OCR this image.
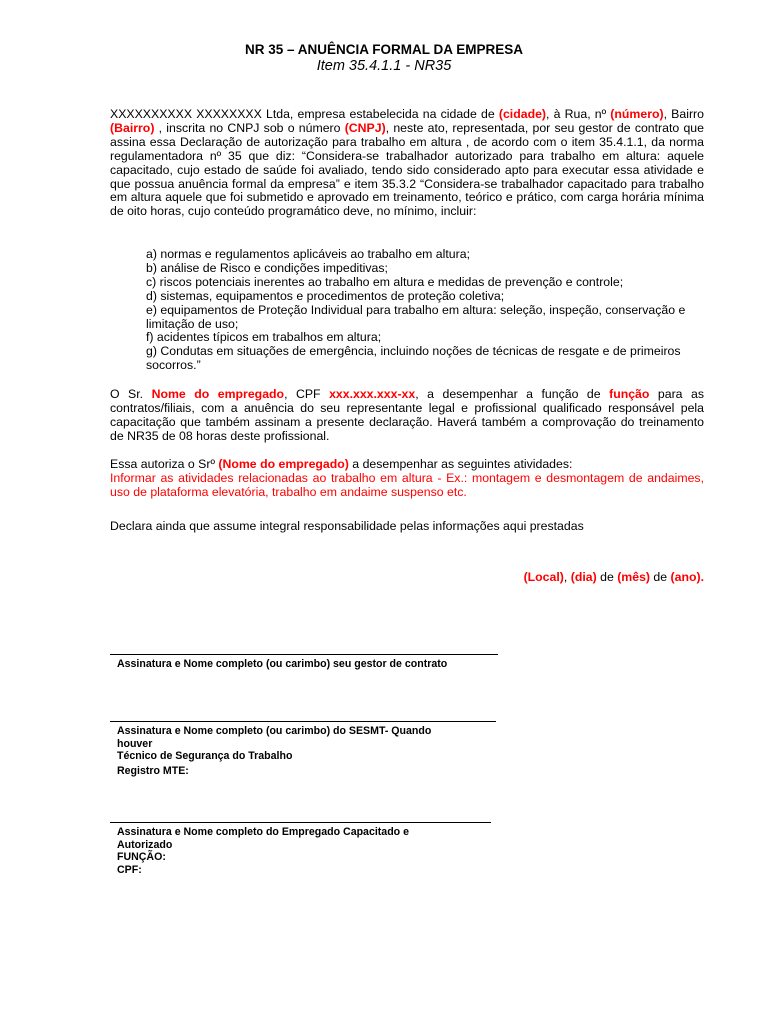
NR 35 – ANUÊNCIA FORMAL DA EMPRESA
Item 35.4.1.1 - NR35
XXXXXXXXXX XXXXXXXX Ltda, empresa estabelecida na cidade de (cidade), à Rua, nº (número), Bairro (Bairro) , inscrita no CNPJ sob o número (CNPJ), neste ato, representada, por seu gestor de contrato que assina essa Declaração de autorização para trabalho em altura , de acordo com o item 35.4.1.1, da norma regulamentadora nº 35 que diz: “Considera-se trabalhador autorizado para trabalho em altura: aquele capacitado, cujo estado de saúde foi avaliado, tendo sido considerado apto para executar essa atividade e que possua anuência formal da empresa” e item 35.3.2 “Considera-se trabalhador capacitado para trabalho em altura aquele que foi submetido e aprovado em treinamento, teórico e prático, com carga horária mínima de oito horas, cujo conteúdo programático deve, no mínimo, incluir:
a) normas e regulamentos aplicáveis ao trabalho em altura;
b) análise de Risco e condições impeditivas;
c) riscos potenciais inerentes ao trabalho em altura e medidas de prevenção e controle;
d) sistemas, equipamentos e procedimentos de proteção coletiva;
e) equipamentos de Proteção Individual para trabalho em altura: seleção, inspeção, conservação e limitação de uso;
f) acidentes típicos em trabalhos em altura;
g) Condutas em situações de emergência, incluindo noções de técnicas de resgate e de primeiros socorros.”
O Sr. Nome do empregado, CPF xxx.xxx.xxx-xx, a desempenhar a função de função para as contratos/filiais, com a anuência do seu representante legal e profissional qualificado responsável pela capacitação que também assinam a presente declaração. Haverá também a comprovação do treinamento de NR35 de 08 horas deste profissional.
Essa autoriza o Srº (Nome do empregado) a desempenhar as seguintes atividades:
Informar as atividades relacionadas ao trabalho em altura - Ex.: montagem e desmontagem de andaimes, uso de plataforma elevatória, trabalho em andaime suspenso etc.
Declara ainda que assume integral responsabilidade pelas informações aqui prestadas
(Local), (dia) de (mês) de (ano).
Assinatura e Nome completo (ou carimbo) seu gestor de contrato
Assinatura e Nome completo (ou carimbo) do SESMT- Quando houver
Técnico de Segurança do Trabalho
Registro MTE:
Assinatura e Nome completo do Empregado Capacitado e Autorizado
FUNÇÃO:
CPF:
